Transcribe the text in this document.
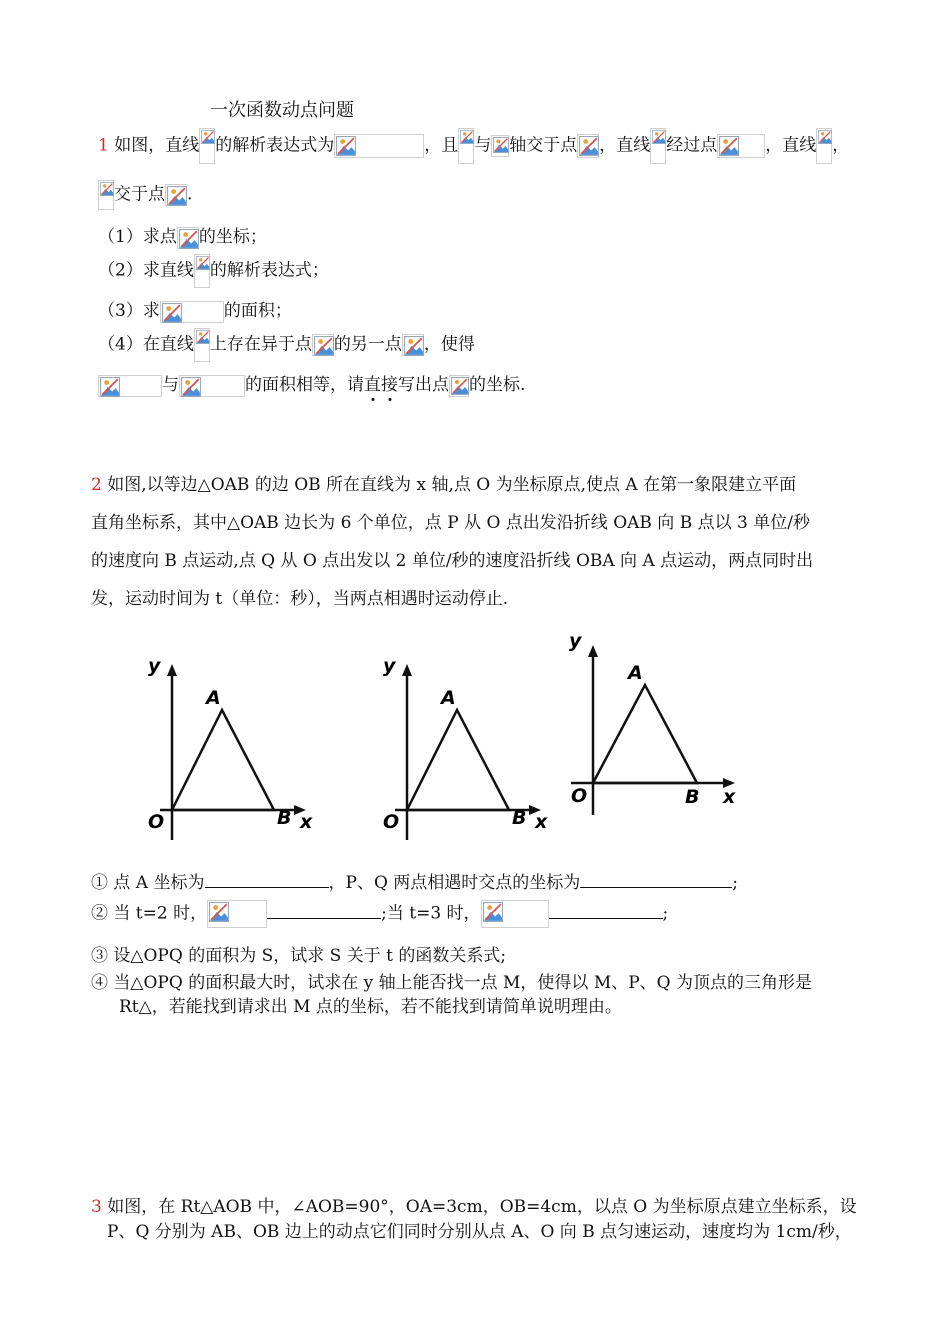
一次函数动点问题
1 如图，直线 的解析表达式为	，且 与 轴交于点 ，直线 经过点	，直线 ，
交于点 .
（1）求点 的坐标；
（2）求直线 的解析表达式；
（3）求	的面积；
（4）在直线 上存在异于点 的另一点 ，使得
与	的面积相等，请直接写出点 的坐标.
2 如图,以等边△OAB 的边 OB 所在直线为 x 轴,点 O 为坐标原点,使点 A 在第一象限建立平面
直角坐标系，其中△OAB 边长为 6 个单位，点 P 从 O 点出发沿折线 OAB 向 B 点以 3 单位/秒
的速度向 B 点运动,点 Q 从 O 点出发以 2 单位/秒的速度沿折线 OBA 向 A 点运动，两点同时出
发，运动时间为 t（单位：秒），当两点相遇时运动停止.
y
A
O	B x
y
A
O	B x
y
A
O	B x
① 点 A 坐标为	，P、Q 两点相遇时交点的坐标为	;
② 当 t=2 时，	;当 t=3 时，	;
③ 设△OPQ 的面积为 S，试求 S 关于 t 的函数关系式;
④ 当△OPQ 的面积最大时，试求在 y 轴上能否找一点 M，使得以 M、P、Q 为顶点的三角形是
Rt△，若能找到请求出 M 点的坐标，若不能找到请简单说明理由。
3 如图，在 Rt△AOB 中，∠AOB=90°，OA=3cm，OB=4cm，以点 O 为坐标原点建立坐标系，设
P、Q 分别为 AB、OB 边上的动点它们同时分别从点 A、O 向 B 点匀速运动，速度均为 1cm/秒，
